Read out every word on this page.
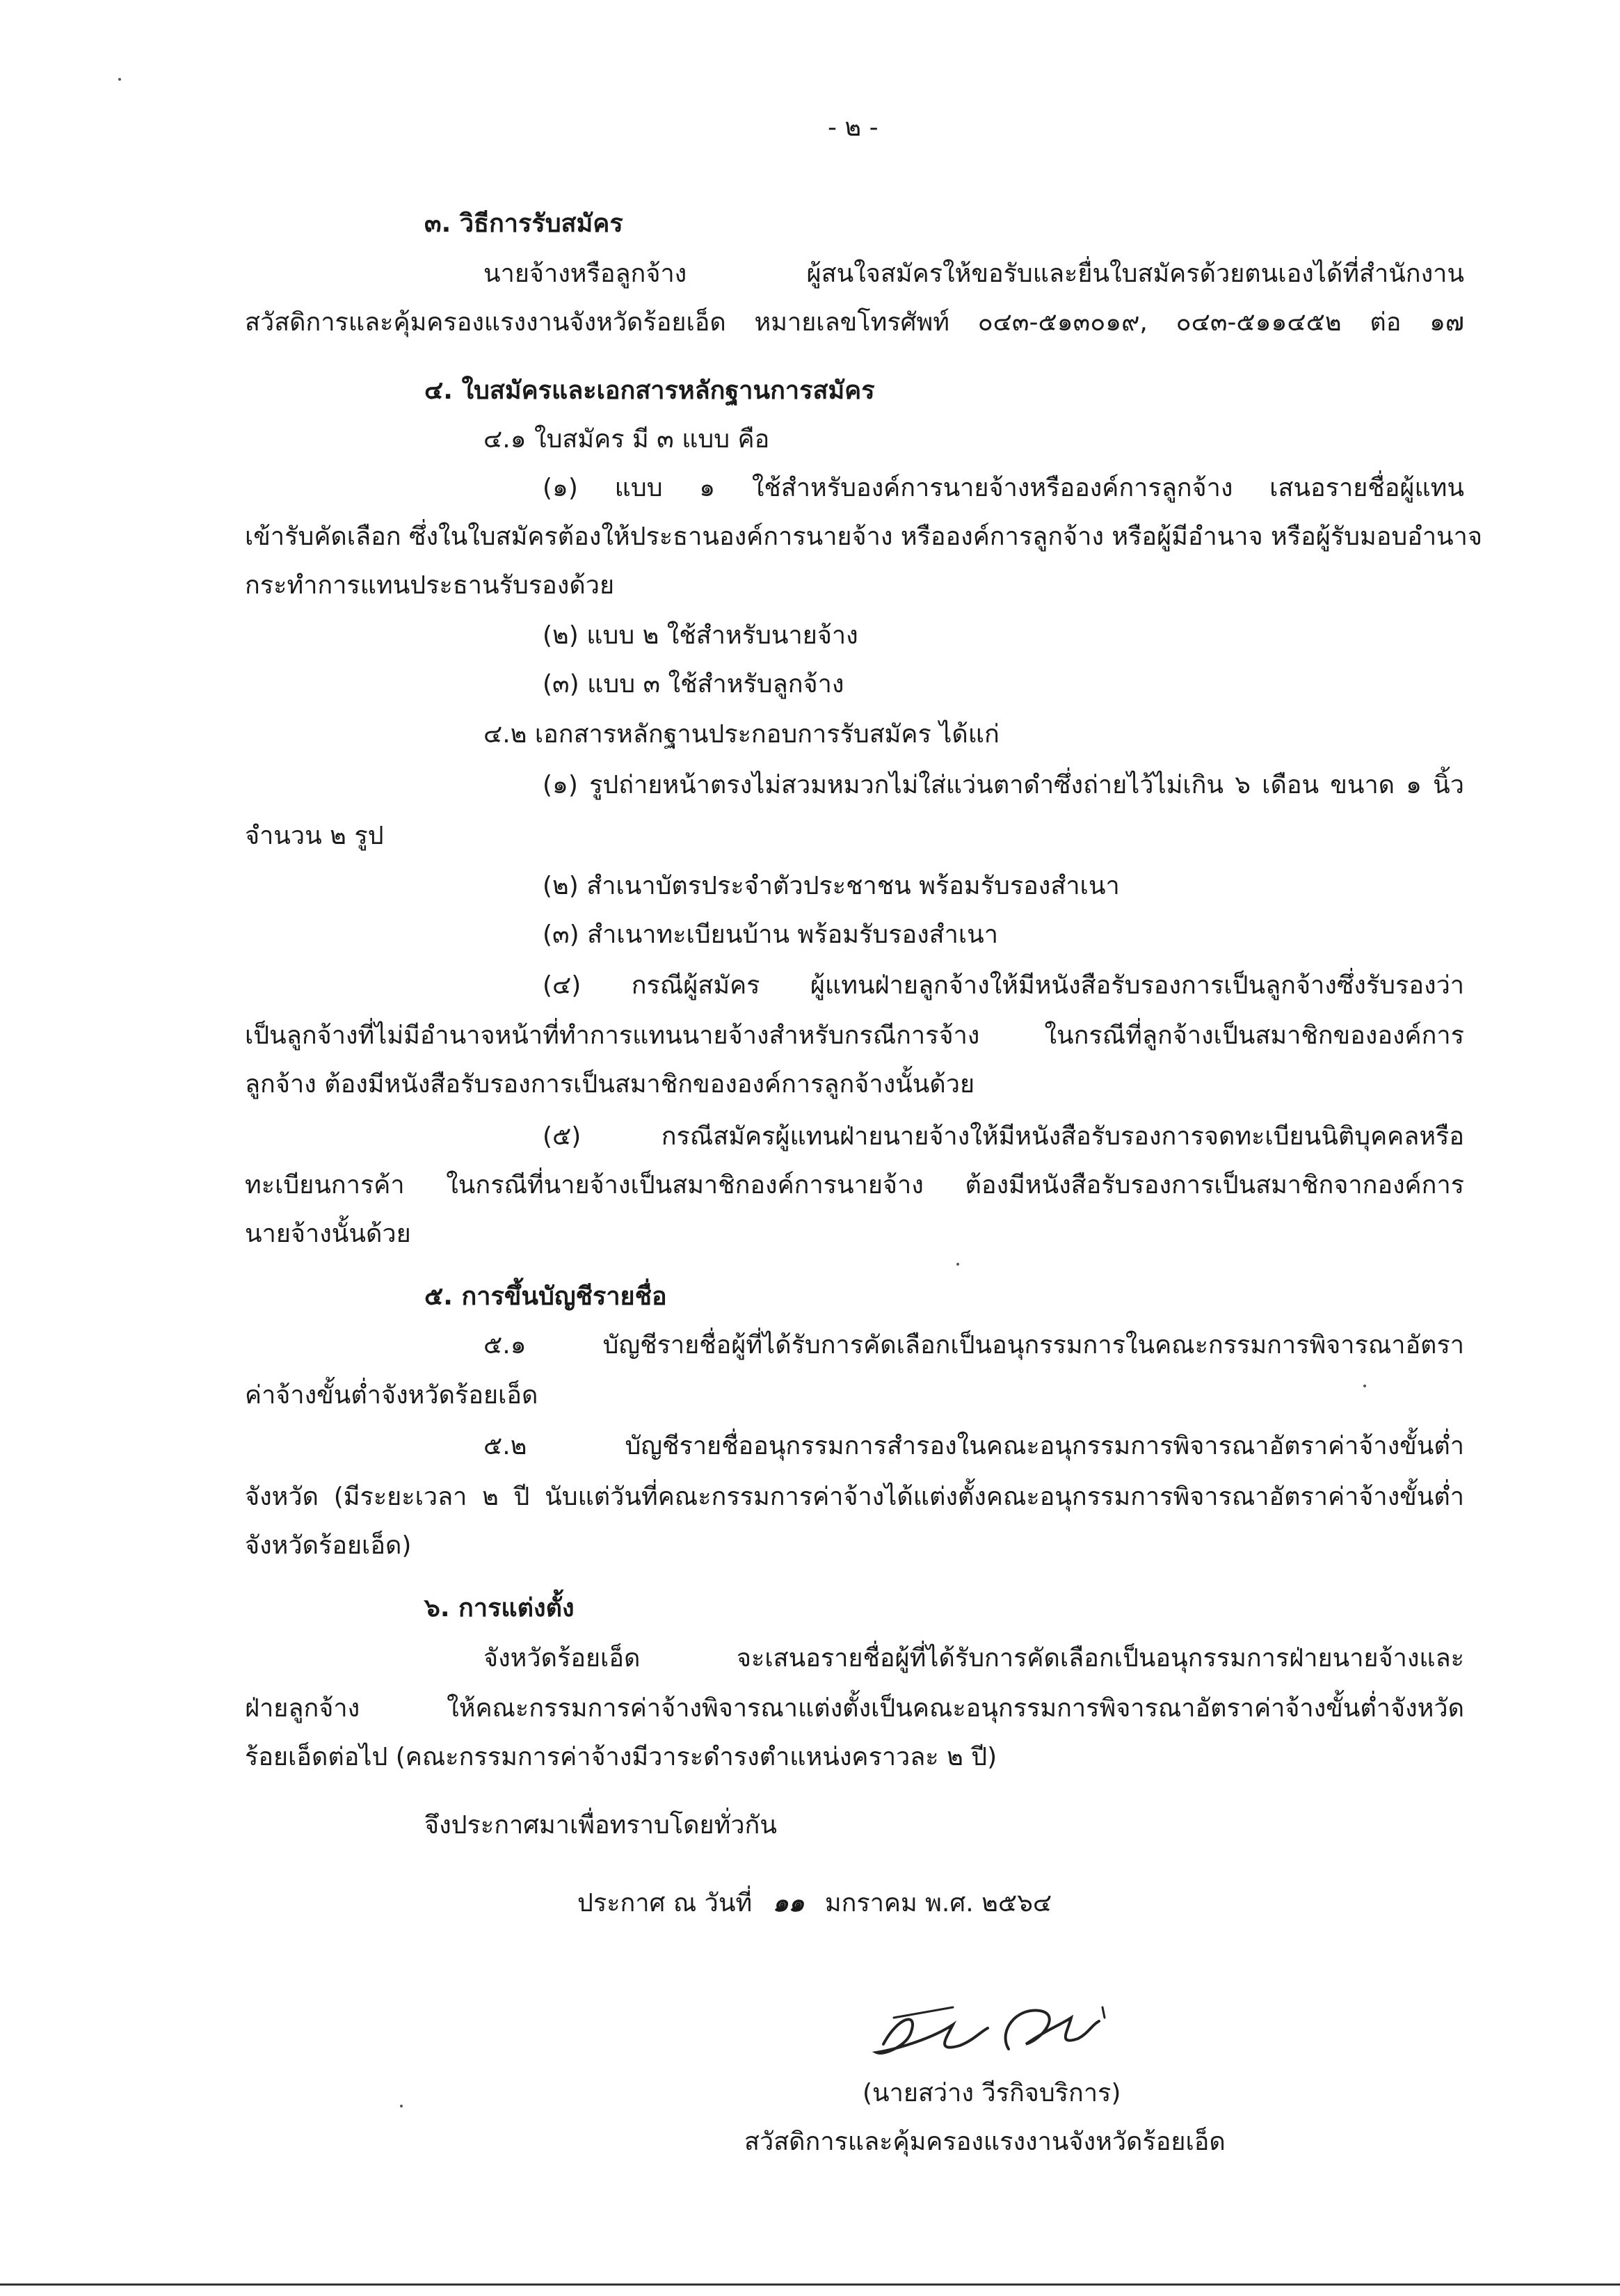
- ๒ -
๓. วิธีการรับสมัคร
นายจ้างหรือลูกจ้าง ผู้สนใจสมัครให้ขอรับและยื่นใบสมัครด้วยตนเองได้ที่สำนักงาน
สวัสดิการและคุ้มครองแรงงานจังหวัดร้อยเอ็ด หมายเลขโทรศัพท์ ๐๔๓-๕๑๓๐๑๙, ๐๔๓-๕๑๑๔๕๒ ต่อ ๑๗
๔. ใบสมัครและเอกสารหลักฐานการสมัคร
๔.๑ ใบสมัคร มี ๓ แบบ คือ
(๑) แบบ ๑ ใช้สำหรับองค์การนายจ้างหรือองค์การลูกจ้าง เสนอรายชื่อผู้แทน
เข้ารับคัดเลือก ซึ่งในใบสมัครต้องให้ประธานองค์การนายจ้าง หรือองค์การลูกจ้าง หรือผู้มีอำนาจ หรือผู้รับมอบอำนาจ
กระทำการแทนประธานรับรองด้วย
(๒) แบบ ๒ ใช้สำหรับนายจ้าง
(๓) แบบ ๓ ใช้สำหรับลูกจ้าง
๔.๒ เอกสารหลักฐานประกอบการรับสมัคร ได้แก่
(๑) รูปถ่ายหน้าตรงไม่สวมหมวกไม่ใส่แว่นตาดำซึ่งถ่ายไว้ไม่เกิน ๖ เดือน ขนาด ๑ นิ้ว
จำนวน ๒ รูป
(๒) สำเนาบัตรประจำตัวประชาชน พร้อมรับรองสำเนา
(๓) สำเนาทะเบียนบ้าน พร้อมรับรองสำเนา
(๔) กรณีผู้สมัคร ผู้แทนฝ่ายลูกจ้างให้มีหนังสือรับรองการเป็นลูกจ้างซึ่งรับรองว่า
เป็นลูกจ้างที่ไม่มีอำนาจหน้าที่ทำการแทนนายจ้างสำหรับกรณีการจ้าง ในกรณีที่ลูกจ้างเป็นสมาชิกขององค์การ
ลูกจ้าง ต้องมีหนังสือรับรองการเป็นสมาชิกขององค์การลูกจ้างนั้นด้วย
(๕) กรณีสมัครผู้แทนฝ่ายนายจ้างให้มีหนังสือรับรองการจดทะเบียนนิติบุคคลหรือ
ทะเบียนการค้า ในกรณีที่นายจ้างเป็นสมาชิกองค์การนายจ้าง ต้องมีหนังสือรับรองการเป็นสมาชิกจากองค์การ
นายจ้างนั้นด้วย
๕. การขึ้นบัญชีรายชื่อ
๕.๑ บัญชีรายชื่อผู้ที่ได้รับการคัดเลือกเป็นอนุกรรมการในคณะกรรมการพิจารณาอัตรา
ค่าจ้างขั้นต่ำจังหวัดร้อยเอ็ด
๕.๒ บัญชีรายชื่ออนุกรรมการสำรองในคณะอนุกรรมการพิจารณาอัตราค่าจ้างขั้นต่ำ
จังหวัด (มีระยะเวลา ๒ ปี นับแต่วันที่คณะกรรมการค่าจ้างได้แต่งตั้งคณะอนุกรรมการพิจารณาอัตราค่าจ้างขั้นต่ำ
จังหวัดร้อยเอ็ด)
๖. การแต่งตั้ง
จังหวัดร้อยเอ็ด จะเสนอรายชื่อผู้ที่ได้รับการคัดเลือกเป็นอนุกรรมการฝ่ายนายจ้างและ
ฝ่ายลูกจ้าง ให้คณะกรรมการค่าจ้างพิจารณาแต่งตั้งเป็นคณะอนุกรรมการพิจารณาอัตราค่าจ้างขั้นต่ำจังหวัด
ร้อยเอ็ดต่อไป (คณะกรรมการค่าจ้างมีวาระดำรงตำแหน่งคราวละ ๒ ปี)
จึงประกาศมาเพื่อทราบโดยทั่วกัน
ประกาศ ณ วันที่ ๑๑ มกราคม พ.ศ. ๒๕๖๔
(นายสว่าง วีรกิจบริการ)
สวัสดิการและคุ้มครองแรงงานจังหวัดร้อยเอ็ด
